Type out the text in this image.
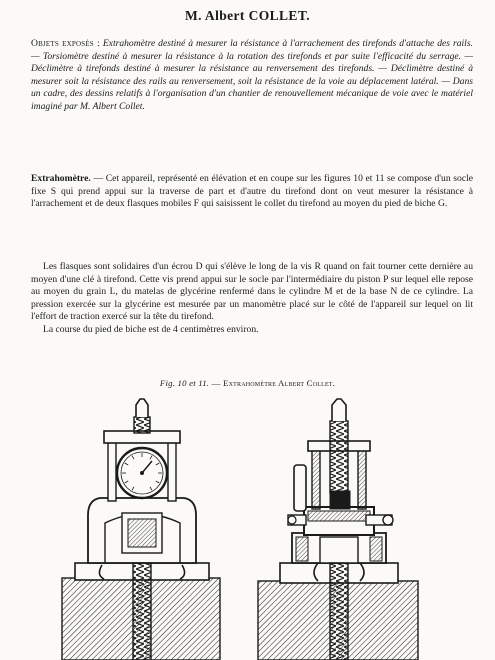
M. Albert COLLET.
Objets exposés : Extrahomètre destiné à mesurer la résistance à l'arrachement des tirefonds d'attache des rails. — Torsiomètre destiné à mesurer la résistance à la rotation des tirefonds et par suite l'efficacité du serrage. — Déclimètre à tirefonds destiné à mesurer la résistance au renversement des tirefonds. — Déclimètre destiné à mesurer soit la résistance des rails au renversement, soit la résistance de la voie au déplacement latéral. — Dans un cadre, des dessins relatifs à l'organisation d'un chantier de renouvellement mécanique de voie avec le matériel imaginé par M. Albert Collet.
Extrahomètre. — Cet appareil, représenté en élévation et en coupe sur les figures 10 et 11 se compose d'un socle fixe S qui prend appui sur la traverse de part et d'autre du tirefond dont on veut mesurer la résistance à l'arrachement et de deux flasques mobiles F qui saisissent le collet du tirefond au moyen du pied de biche G.
Les flasques sont solidaires d'un écrou D qui s'élève le long de la vis R quand on fait tourner cette dernière au moyen d'une clé à tirefond. Cette vis prend appui sur le socle par l'intermédiaire du piston P sur lequel elle repose au moyen du grain L, du matelas de glycérine renfermé dans le cylindre M et de la base N de ce cylindre. La pression exercée sur la glycérine est mesurée par un manomètre placé sur le côté de l'appareil sur lequel on lit l'effort de traction exercé sur la tête du tirefond.
La course du pied de biche est de 4 centimètres environ.
Fig. 10 et 11. — Extrahomètre Albert Collet.
